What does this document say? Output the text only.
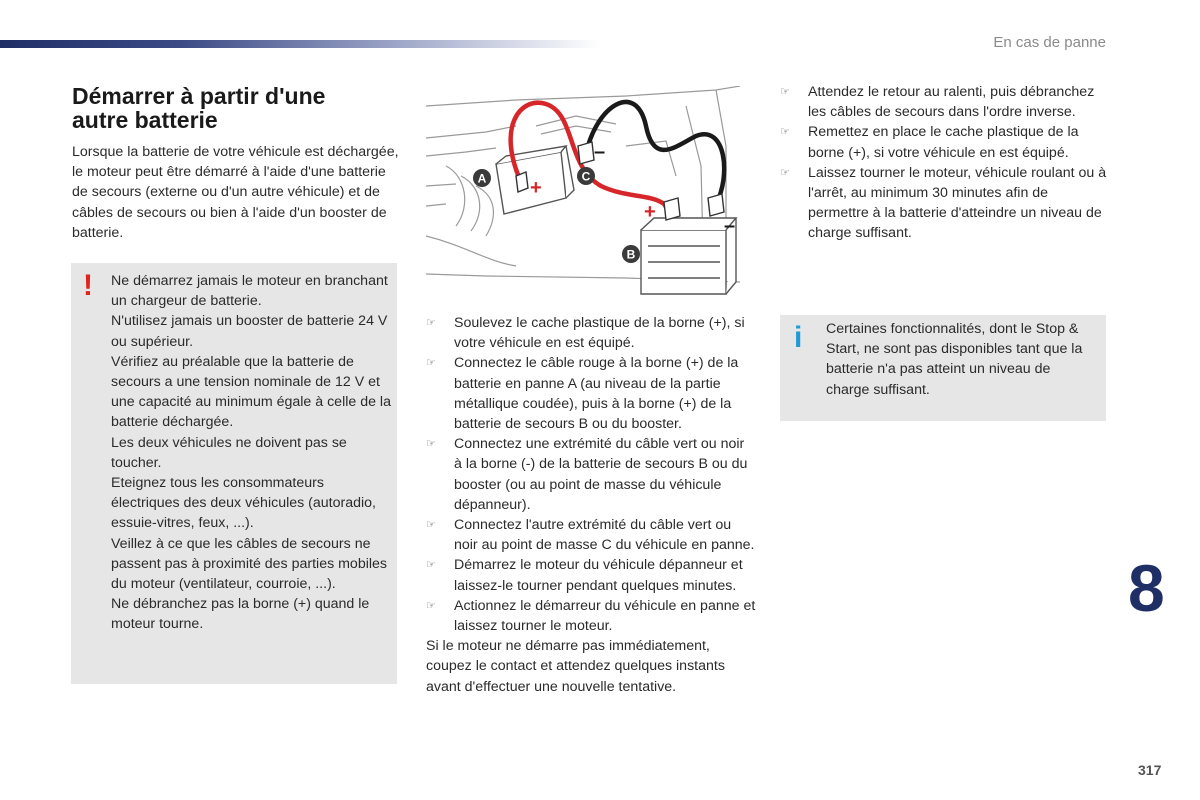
En cas de panne
Démarrer à partir d'une
autre batterie

Lorsque la batterie de votre véhicule est déchargée, le moteur peut être démarré à l'aide d'une batterie de secours (externe ou d'un autre véhicule) et de câbles de secours ou bien à l'aide d'un booster de batterie.

! Ne démarrez jamais le moteur en branchant un chargeur de batterie.

N'utilisez jamais un booster de batterie 24 V ou supérieur.

Vérifiez au préalable que la batterie de secours a une tension nominale de 12 V et une capacité au minimum égale à celle de la batterie déchargée.

Les deux véhicules ne doivent pas se toucher.

Eteignez tous les consommateurs électriques des deux véhicules (autoradio, essuie-vitres, feux, ...).

Veillez à ce que les câbles de secours ne passent pas à proximité des parties mobiles du moteur (ventilateur, courroie, ...).

Ne débranchez pas la borne (+) quand le moteur tourne.

+
–
+
–
A	C
B
☞	Soulevez le cache plastique de la borne (+), si votre véhicule en est équipé.
☞	Connectez le câble rouge à la borne (+) de la batterie en panne A (au niveau de la partie métallique coudée), puis à la borne (+) de la batterie de secours B ou du booster.
☞	Connectez une extrémité du câble vert ou noir à la borne (-) de la batterie de secours B ou du booster (ou au point de masse du véhicule dépanneur).
☞	Connectez l'autre extrémité du câble vert ou noir au point de masse C du véhicule en panne.
☞	Démarrez le moteur du véhicule dépanneur et laissez-le tourner pendant quelques minutes.
☞	Actionnez le démarreur du véhicule en panne et laissez tourner le moteur.

Si le moteur ne démarre pas immédiatement, coupez le contact et attendez quelques instants avant d'effectuer une nouvelle tentative.

☞	Attendez le retour au ralenti, puis débranchez les câbles de secours dans l'ordre inverse.
☞	Remettez en place le cache plastique de la borne (+), si votre véhicule en est équipé.
☞	Laissez tourner le moteur, véhicule roulant ou à l'arrêt, au minimum 30 minutes afin de permettre à la batterie d'atteindre un niveau de charge suffisant.
i Certaines fonctionnalités, dont le Stop & Start, ne sont pas disponibles tant que la batterie n'a pas atteint un niveau de charge suffisant.
8
317
